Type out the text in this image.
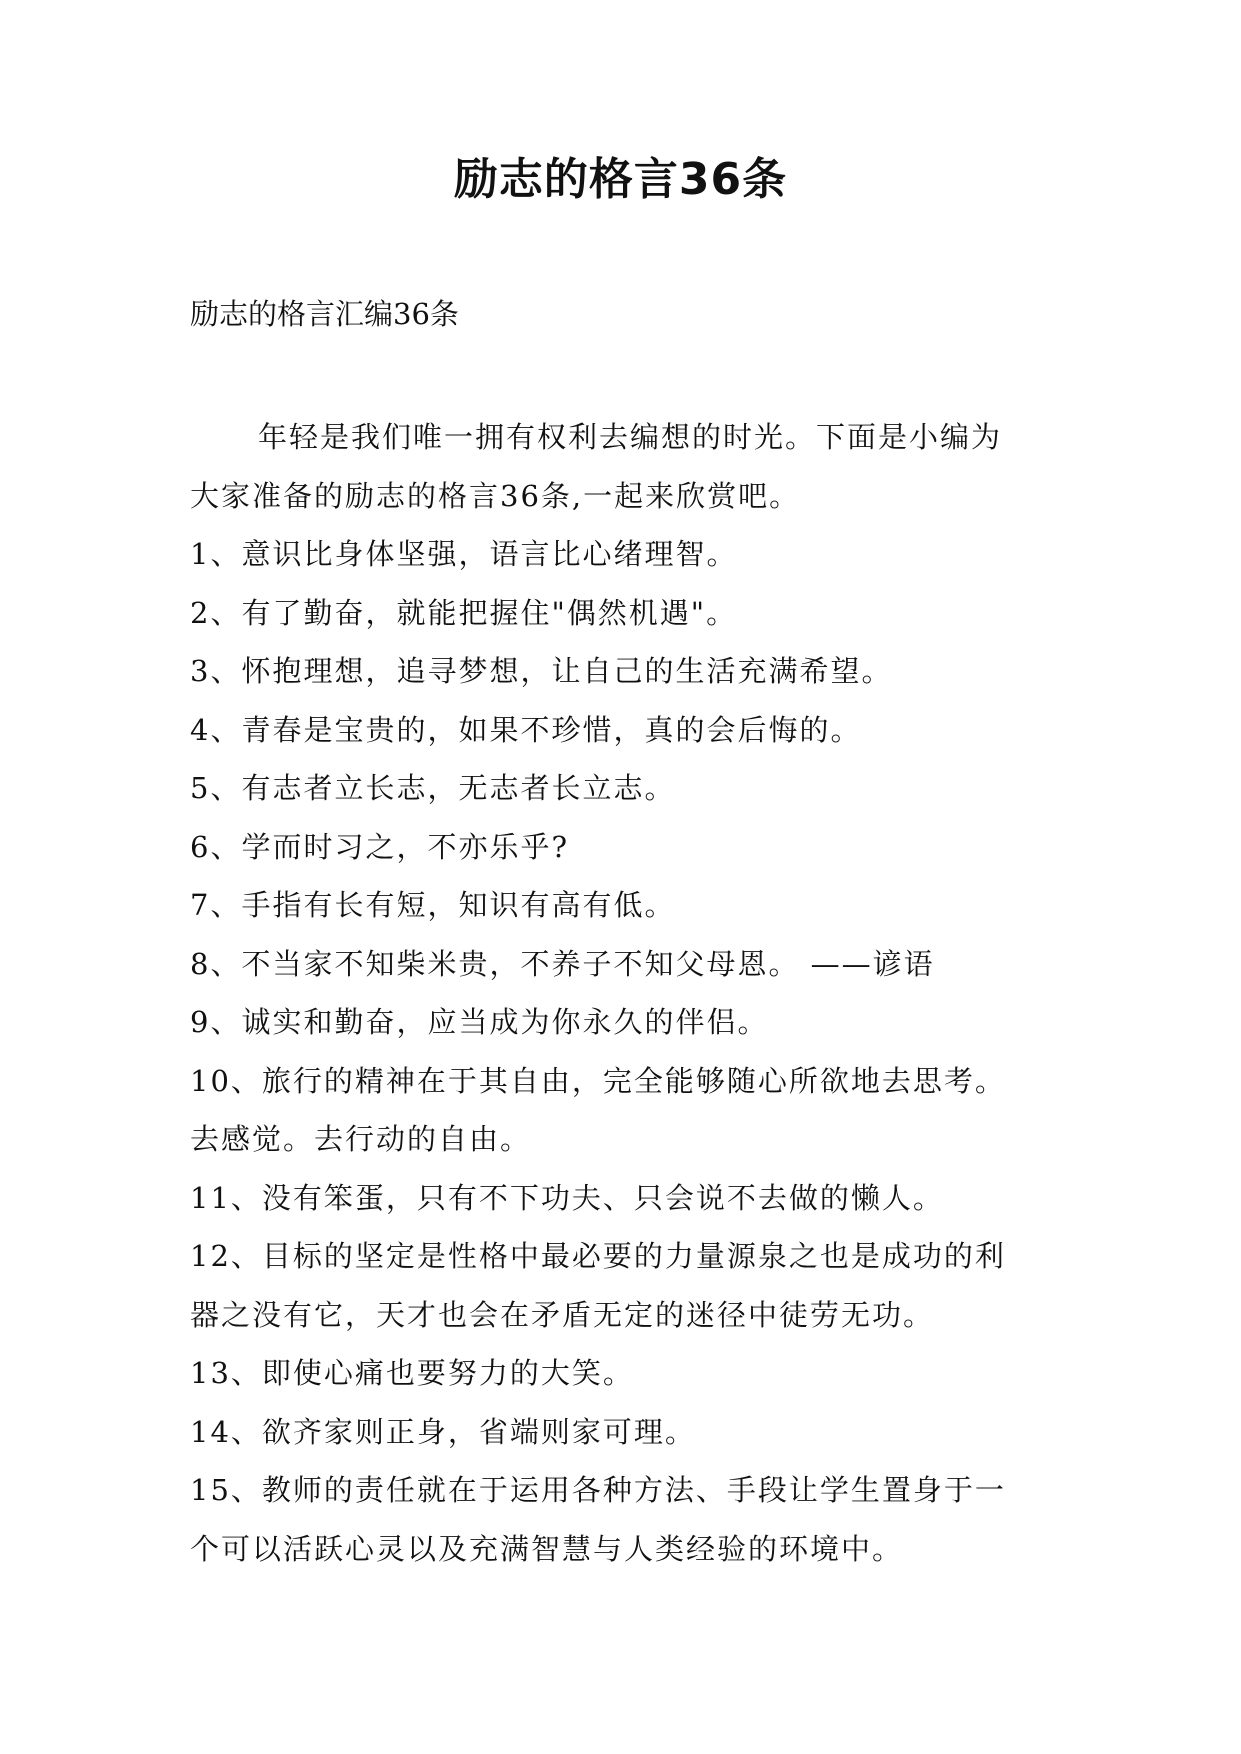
励志的格言36条
励志的格言汇编36条
年轻是我们唯一拥有权利去编想的时光。下面是小编为
大家准备的励志的格言36条,一起来欣赏吧。
1、意识比身体坚强，语言比心绪理智。
2、有了勤奋，就能把握住"偶然机遇"。
3、怀抱理想，追寻梦想，让自己的生活充满希望。
4、青春是宝贵的，如果不珍惜，真的会后悔的。
5、有志者立长志，无志者长立志。
6、学而时习之，不亦乐乎?
7、手指有长有短，知识有高有低。
8、不当家不知柴米贵，不养子不知父母恩。 ——谚语
9、诚实和勤奋，应当成为你永久的伴侣。
10、旅行的精神在于其自由，完全能够随心所欲地去思考。
去感觉。去行动的自由。
11、没有笨蛋，只有不下功夫、只会说不去做的懒人。
12、目标的坚定是性格中最必要的力量源泉之也是成功的利
器之没有它，天才也会在矛盾无定的迷径中徒劳无功。
13、即使心痛也要努力的大笑。
14、欲齐家则正身，省端则家可理。
15、教师的责任就在于运用各种方法、手段让学生置身于一
个可以活跃心灵以及充满智慧与人类经验的环境中。
